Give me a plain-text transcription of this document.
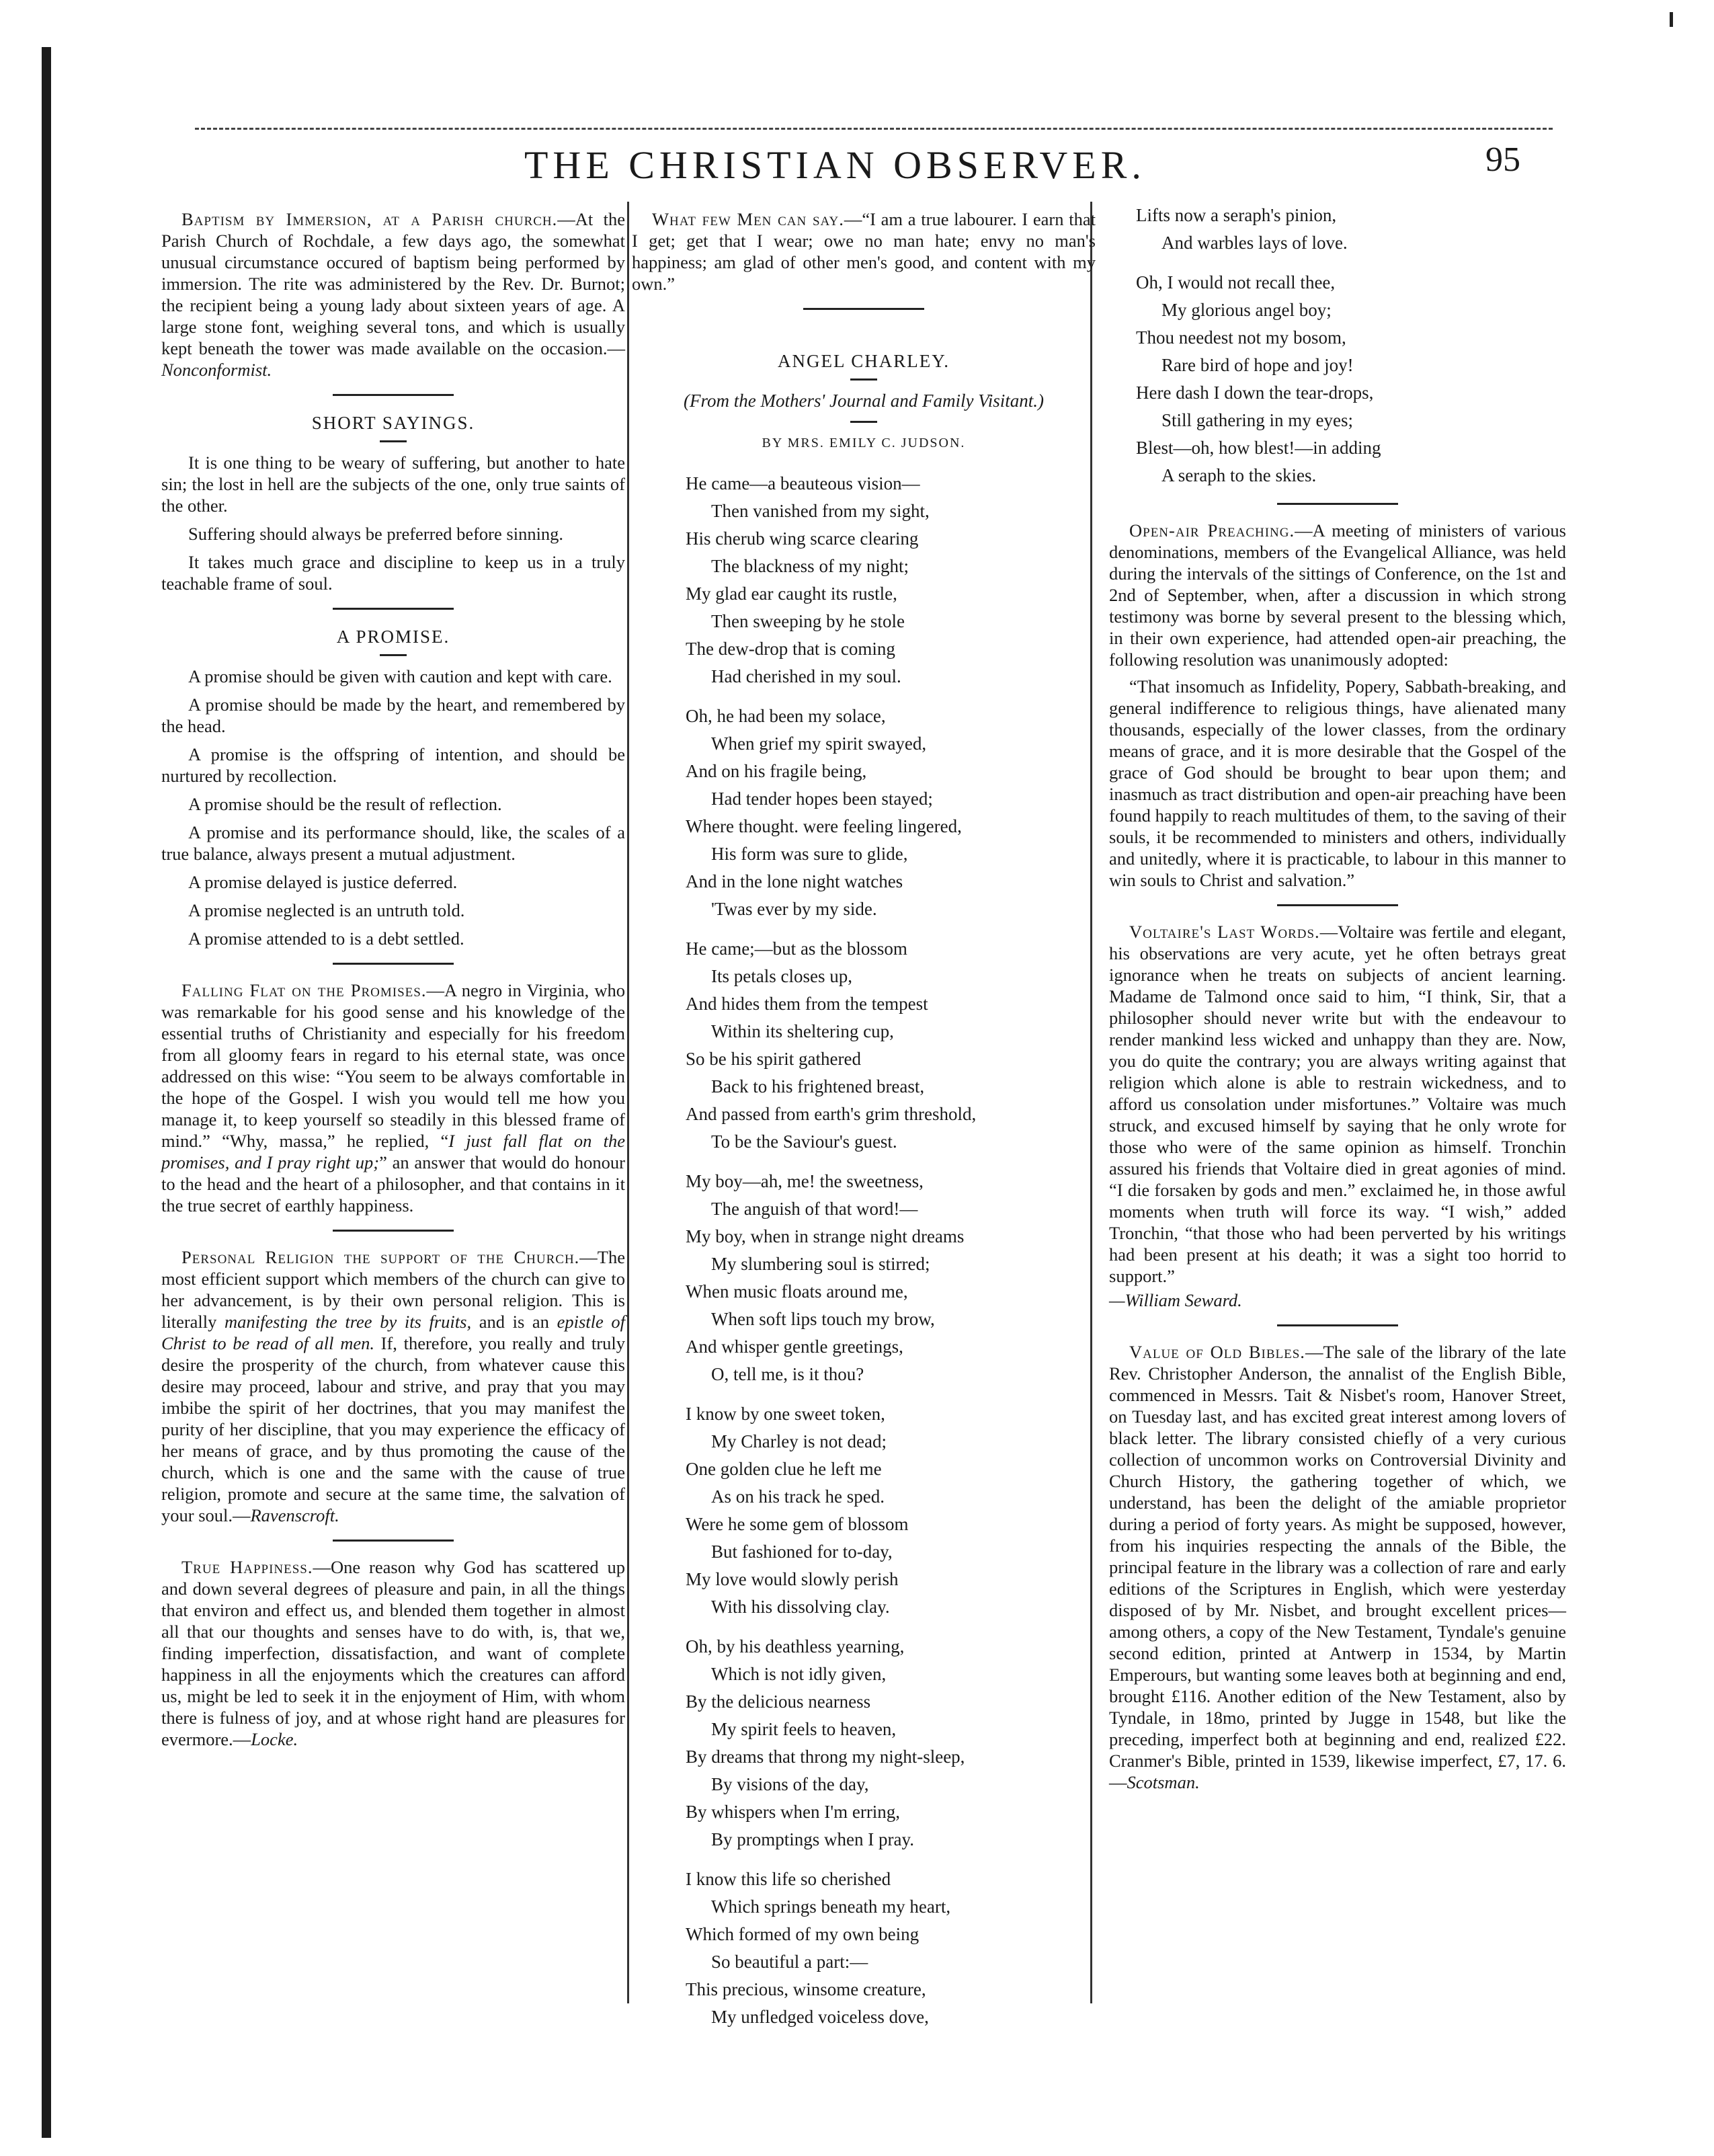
THE CHRISTIAN OBSERVER.	95

Baptism by Immersion, at a Parish church.—At the Parish Church of Rochdale, a few days ago, the somewhat unusual circumstance occured of baptism being performed by immersion. The rite was administered by the Rev. Dr. Burnot; the recipient being a young lady about sixteen years of age. A large stone font, weighing several tons, and which is usually kept beneath the tower was made available on the occasion.—Nonconformist.

SHORT SAYINGS.

It is one thing to be weary of suffering, but another to hate sin; the lost in hell are the subjects of the one, only true saints of the other.

Suffering should always be preferred before sinning.

It takes much grace and discipline to keep us in a truly teachable frame of soul.

A PROMISE.

A promise should be given with caution and kept with care.

A promise should be made by the heart, and remembered by the head.

A promise is the offspring of intention, and should be nurtured by recollection.

A promise should be the result of reflection.

A promise and its performance should, like, the scales of a true balance, always present a mutual adjustment.

A promise delayed is justice deferred.

A promise neglected is an untruth told.

A promise attended to is a debt settled.

Falling Flat on the Promises.—A negro in Virginia, who was remarkable for his good sense and his knowledge of the essential truths of Christianity and especially for his freedom from all gloomy fears in regard to his eternal state, was once addressed on this wise: “You seem to be always comfortable in the hope of the Gospel. I wish you would tell me how you manage it, to keep yourself so steadily in this blessed frame of mind.” “Why, massa,” he replied, “I just fall flat on the promises, and I pray right up;” an answer that would do honour to the head and the heart of a philosopher, and that contains in it the true secret of earthly happiness.

Personal Religion the support of the Church.—The most efficient support which members of the church can give to her advancement, is by their own personal religion. This is literally manifesting the tree by its fruits, and is an epistle of Christ to be read of all men. If, therefore, you really and truly desire the prosperity of the church, from whatever cause this desire may proceed, labour and strive, and pray that you may imbibe the spirit of her doctrines, that you may manifest the purity of her discipline, that you may experience the efficacy of her means of grace, and by thus promoting the cause of the church, which is one and the same with the cause of true religion, promote and secure at the same time, the salvation of your soul.—Ravenscroft.

True Happiness.—One reason why God has scattered up and down several degrees of pleasure and pain, in all the things that environ and effect us, and blended them together in almost all that our thoughts and senses have to do with, is, that we, finding imperfection, dissatisfaction, and want of complete happiness in all the enjoyments which the creatures can afford us, might be led to seek it in the enjoyment of Him, with whom there is fulness of joy, and at whose right hand are pleasures for evermore.—Locke.

What few Men can say.—“I am a true labourer. I earn that I get; get that I wear; owe no man hate; envy no man's happiness; am glad of other men's good, and content with my own.”

ANGEL CHARLEY.
(From the Mothers' Journal and Family Visitant.)
BY MRS. EMILY C. JUDSON.
He came—a beauteous vision—
Then vanished from my sight,
His cherub wing scarce clearing
The blackness of my night;
My glad ear caught its rustle,
Then sweeping by he stole
The dew-drop that is coming
Had cherished in my soul.
Oh, he had been my solace,
When grief my spirit swayed,
And on his fragile being,
Had tender hopes been stayed;
Where thought. were feeling lingered,
His form was sure to glide,
And in the lone night watches
'Twas ever by my side.
He came;—but as the blossom
Its petals closes up,
And hides them from the tempest
Within its sheltering cup,
So be his spirit gathered
Back to his frightened breast,
And passed from earth's grim threshold,
To be the Saviour's guest.
My boy—ah, me! the sweetness,
The anguish of that word!—
My boy, when in strange night dreams
My slumbering soul is stirred;
When music floats around me,
When soft lips touch my brow,
And whisper gentle greetings,
O, tell me, is it thou?
I know by one sweet token,
My Charley is not dead;
One golden clue he left me
As on his track he sped.
Were he some gem of blossom
But fashioned for to-day,
My love would slowly perish
With his dissolving clay.
Oh, by his deathless yearning,
Which is not idly given,
By the delicious nearness
My spirit feels to heaven,
By dreams that throng my night-sleep,
By visions of the day,
By whispers when I'm erring,
By promptings when I pray.
I know this life so cherished
Which springs beneath my heart,
Which formed of my own being
So beautiful a part:—
This precious, winsome creature,
My unfledged voiceless dove,
Lifts now a seraph's pinion,
And warbles lays of love.
Oh, I would not recall thee,
My glorious angel boy;
Thou needest not my bosom,
Rare bird of hope and joy!
Here dash I down the tear-drops,
Still gathering in my eyes;
Blest—oh, how blest!—in adding
A seraph to the skies.

Open-air Preaching.—A meeting of ministers of various denominations, members of the Evangelical Alliance, was held during the intervals of the sittings of Conference, on the 1st and 2nd of September, when, after a discussion in which strong testimony was borne by several present to the blessing which, in their own experience, had attended open-air preaching, the following resolution was unanimously adopted:

“That insomuch as Infidelity, Popery, Sabbath-breaking, and general indifference to religious things, have alienated many thousands, especially of the lower classes, from the ordinary means of grace, and it is more desirable that the Gospel of the grace of God should be brought to bear upon them; and inasmuch as tract distribution and open-air preaching have been found happily to reach multitudes of them, to the saving of their souls, it be recommended to ministers and others, individually and unitedly, where it is practicable, to labour in this manner to win souls to Christ and salvation.”

Voltaire's Last Words.—Voltaire was fertile and elegant, his observations are very acute, yet he often betrays great ignorance when he treats on subjects of ancient learning. Madame de Talmond once said to him, “I think, Sir, that a philosopher should never write but with the endeavour to render mankind less wicked and unhappy than they are. Now, you do quite the contrary; you are always writing against that religion which alone is able to restrain wickedness, and to afford us consolation under misfortunes.” Voltaire was much struck, and excused himself by saying that he only wrote for those who were of the same opinion as himself. Tronchin assured his friends that Voltaire died in great agonies of mind. “I die forsaken by gods and men.” exclaimed he, in those awful moments when truth will force its way. “I wish,” added Tronchin, “that those who had been perverted by his writings had been present at his death; it was a sight too horrid to support.”

—William Seward.

Value of Old Bibles.—The sale of the library of the late Rev. Christopher Anderson, the annalist of the English Bible, commenced in Messrs. Tait & Nisbet's room, Hanover Street, on Tuesday last, and has excited great interest among lovers of black letter. The library consisted chiefly of a very curious collection of uncommon works on Controversial Divinity and Church History, the gathering together of which, we understand, has been the delight of the amiable proprietor during a period of forty years. As might be supposed, however, from his inquiries respecting the annals of the Bible, the principal feature in the library was a collection of rare and early editions of the Scriptures in English, which were yesterday disposed of by Mr. Nisbet, and brought excellent prices—among others, a copy of the New Testament, Tyndale's genuine second edition, printed at Antwerp in 1534, by Martin Emperours, but wanting some leaves both at beginning and end, brought £116. Another edition of the New Testament, also by Tyndale, in 18mo, printed by Jugge in 1548, but like the preceding, imperfect both at beginning and end, realized £22. Cranmer's Bible, printed in 1539, likewise imperfect, £7, 17. 6.—Scotsman.
